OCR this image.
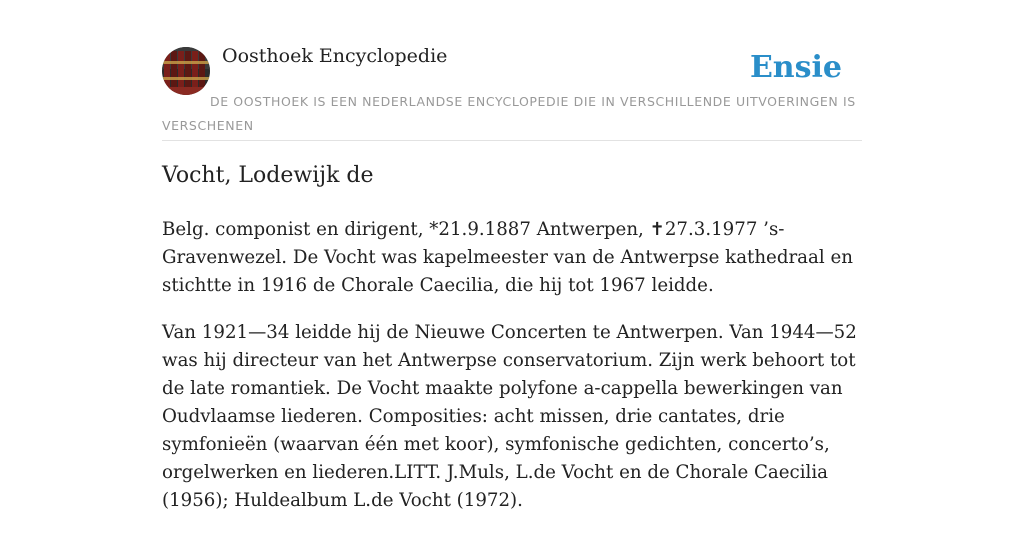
Oosthoek Encyclopedie	Ensie
DE OOSTHOEK IS EEN NEDERLANDSE ENCYCLOPEDIE DIE IN VERSCHILLENDE UITVOERINGEN IS VERSCHENEN
Vocht, Lodewijk de

Belg. componist en dirigent, *21.9.1887 Antwerpen, ✝27.3.1977 ’s-Gravenwezel. De Vocht was kapelmeester van de Antwerpse kathedraal en stichtte in 1916 de Chorale Caecilia, die hij tot 1967 leidde.

Van 1921—34 leidde hij de Nieuwe Concerten te Antwerpen. Van 1944—52 was hij directeur van het Antwerpse conservatorium. Zijn werk behoort tot de late romantiek. De Vocht maakte polyfone a-cappella bewerkingen van Oudvlaamse liederen. Composities: acht missen, drie cantates, drie symfonieën (waarvan één met koor), symfonische gedichten, concerto’s, orgelwerken en liederen.LITT. J.Muls, L.de Vocht en de Chorale Caecilia (1956); Huldealbum L.de Vocht (1972).
